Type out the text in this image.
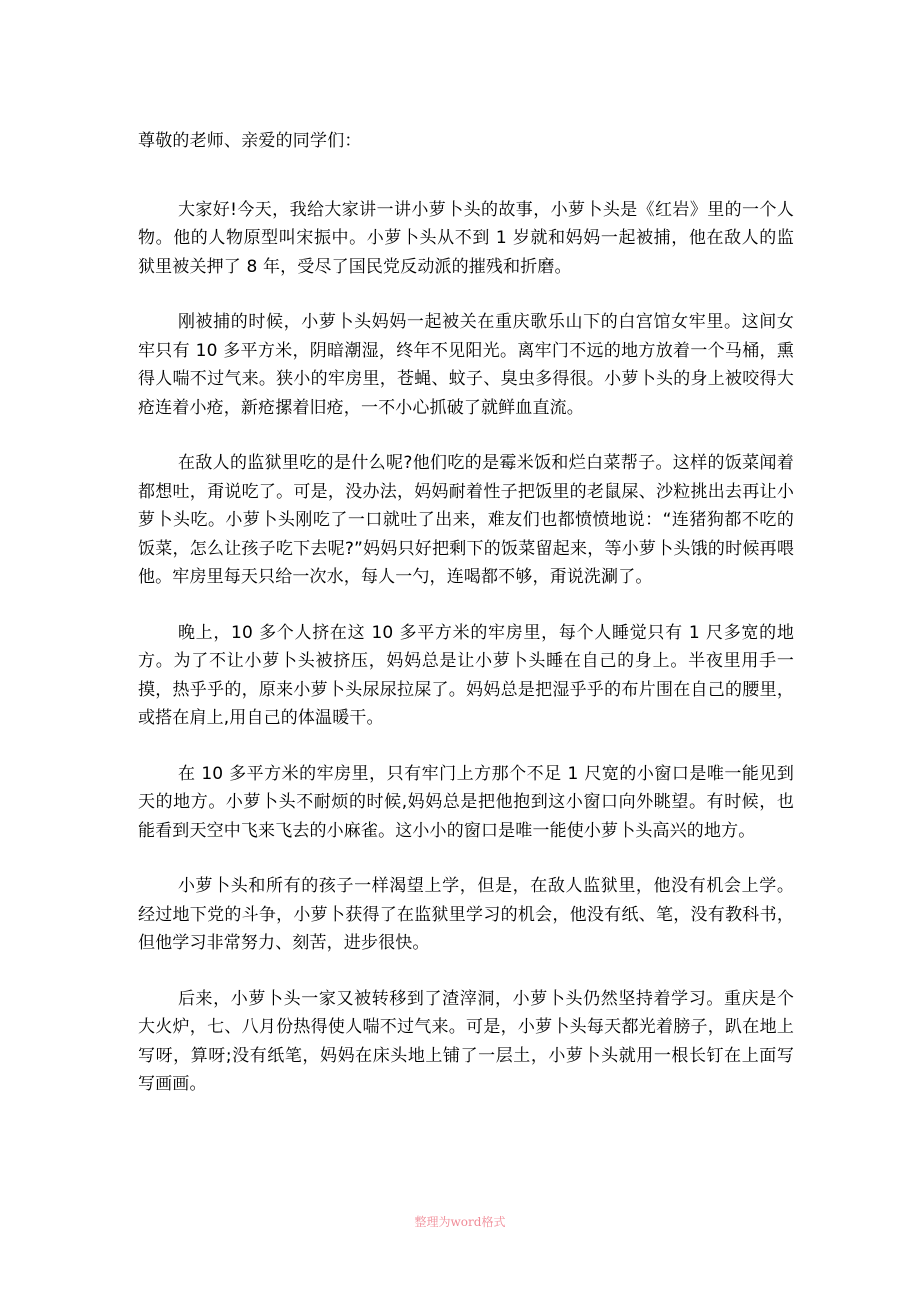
尊敬的老师、亲爱的同学们：

大家好!今天，我给大家讲一讲小萝卜头的故事，小萝卜头是《红岩》里的一个人物。他的人物原型叫宋振中。小萝卜头从不到 1 岁就和妈妈一起被捕，他在敌人的监狱里被关押了 8 年，受尽了国民党反动派的摧残和折磨。

刚被捕的时候，小萝卜头妈妈一起被关在重庆歌乐山下的白宫馆女牢里。这间女牢只有 10 多平方米，阴暗潮湿，终年不见阳光。离牢门不远的地方放着一个马桶，熏得人喘不过气来。狭小的牢房里，苍蝇、蚊子、臭虫多得很。小萝卜头的身上被咬得大疮连着小疮，新疮摞着旧疮，一不小心抓破了就鲜血直流。

在敌人的监狱里吃的是什么呢?他们吃的是霉米饭和烂白菜帮子。这样的饭菜闻着都想吐，甭说吃了。可是，没办法，妈妈耐着性子把饭里的老鼠屎、沙粒挑出去再让小萝卜头吃。小萝卜头刚吃了一口就吐了出来，难友们也都愤愤地说：“连猪狗都不吃的饭菜，怎么让孩子吃下去呢?”妈妈只好把剩下的饭菜留起来，等小萝卜头饿的时候再喂他。牢房里每天只给一次水，每人一勺，连喝都不够，甭说洗涮了。

晚上，10 多个人挤在这 10 多平方米的牢房里，每个人睡觉只有 1 尺多宽的地方。为了不让小萝卜头被挤压，妈妈总是让小萝卜头睡在自己的身上。半夜里用手一摸，热乎乎的，原来小萝卜头尿尿拉屎了。妈妈总是把湿乎乎的布片围在自己的腰里，或搭在肩上,用自己的体温暖干。

在 10 多平方米的牢房里，只有牢门上方那个不足 1 尺宽的小窗口是唯一能见到天的地方。小萝卜头不耐烦的时候,妈妈总是把他抱到这小窗口向外眺望。有时候，也能看到天空中飞来飞去的小麻雀。这小小的窗口是唯一能使小萝卜头高兴的地方。

小萝卜头和所有的孩子一样渴望上学，但是，在敌人监狱里，他没有机会上学。经过地下党的斗争，小萝卜获得了在监狱里学习的机会，他没有纸、笔，没有教科书，但他学习非常努力、刻苦，进步很快。

后来，小萝卜头一家又被转移到了渣滓洞，小萝卜头仍然坚持着学习。重庆是个大火炉，七、八月份热得使人喘不过气来。可是，小萝卜头每天都光着膀子，趴在地上写呀，算呀;没有纸笔，妈妈在床头地上铺了一层土，小萝卜头就用一根长钉在上面写写画画。

整理为word格式
